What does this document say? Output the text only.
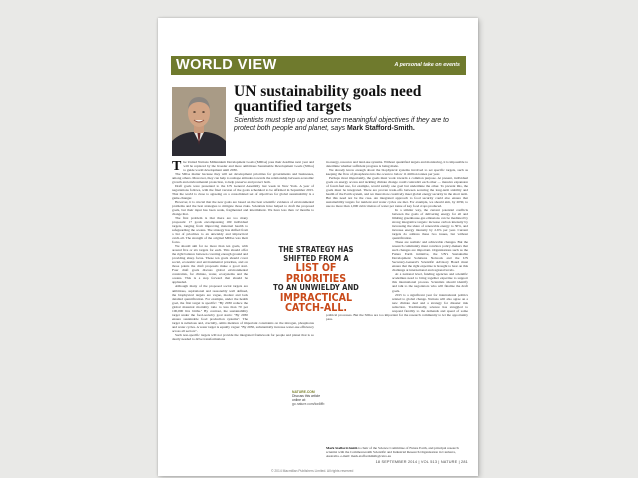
WORLD VIEW	A personal take on events
UN sustainability goals need quantified targets

Scientists must step up and secure meaningful objectives if they are to protect both people and planet, says Mark Stafford-Smith.

The United Nations Millennium Development Goals (MDGs) pass their deadline next year and will be replaced by the broader and more ambitious Sustainable Development Goals (SDGs) to guide world development until 2030.

The SDGs matter because they will set development priorities for governments and businesses, among others. Moreover, they can help to reshape attitudes towards the relationship between economic growth and environmental protection, to help preserve and protect both.

Draft goals were presented to the UN General Assembly last week in New York. A year of negotiations follows, with the final version of the goals scheduled to be affirmed in September 2015. That the world is close to agreeing on a consolidated set of objectives for global sustainability is a game-changer.

However, it is crucial that the new goals are based on the best scientific evidence of environmental problems and the best strategies to mitigate those risks. Scientists have helped to draft the proposed goals, but their input has been weak, fragmented and intermittent. We have less than 12 months to change that.

The first problem is that there are too many proposals: 17 goals encompassing 169 individual targets, ranging from improving maternal health to safeguarding the oceans. The strategy has shifted from a list of priorities to an unwieldy and impractical catch-all. The strength of the original MDGs was their focus.

We should aim for no more than ten goals, with around five or six targets for each. This should offer the right balance between covering enough ground and providing sharp focus. These ten goals should cover social, economic and environmental priorities, and on those points the draft proposals make a good start. Four draft goals discuss global environmental constraints, for climate, water, ecosystems and the oceans. This is a step forward that should be applauded.

Although many of the proposed social targets are ambitious, aspirational and reasonably well defined, the biophysical targets are vague, modest and lack detailed quantification. For example, under the health goal, the first target is specific: "By 2030 reduce the global maternal mortality ratio to less than 70 per 100,000 live births." By contrast, the sustainability target under the food-security goal starts: "By 2030 ensure sustainable food production systems". The target is nebulous and, crucially, omits mention of important constraints on the nitrogen, phosphorus and water cycles. A water target is equally vague: "By 2030, substantially increase water-use efficiency across all sectors".

Such non-specific targets will not provide the integrated framework for people and planet that is so dearly needed to drive transformations

in energy, resource and land-use systems. Without quantified targets and monitoring, it is impossible to determine whether sufficient progress is being made.

We already know enough about the biophysical systems involved to set specific targets, such as keeping the flow of phosphorus into the ocean to below 11 million tonnes per year.

Perhaps most importantly, the goals must work towards a common purpose. At present, individual goals on energy access and tackling climate change could contradict each other — massive expansion of fossil-fuel use, for example, would satisfy one goal but undermine the other. To prevent this, the goals must be integrated. There are proven trade-offs between securing the long-term stability and health of the Earth system, and we must more creatively meet global energy security in the short term. But this need not be the case. An integrated approach to food security could also ensure that sustainability targets for nutrient and water cycles are met. For example, we should aim, by 2030, to use no more than 1,000 cubic metres of water per tonne of key food crops produced.

In a similar way, the current potential conflicts between the goals of delivering energy for all and limiting greenhouse-gas emissions can be mediated by strong integrative targets: increase carbon intensity by increasing the share of renewable energy to 30%, and increase energy intensity by 2.6% per year. Current targets do address these two issues, but without quantification.

These are realistic and achievable changes. But the research community must convince policy-makers that such changes are important. Organizations such as the Future Earth initiative, the UN's Sustainable Development Solutions Network and the UN Secretary-General's Scientific Advisory Board must ensure that the right expertise is brought to bear on this challenge at international and regional levels.

At a national level, funding agencies and scientific academies need to bring together expertise to support this international process. Scientists should identify and talk to the negotiators who will finalize the draft goals.

2015 is a significant year for international politics related to global change. Nations will also agree on a new climate deal and a strategy for disaster risk reduction. Traditionally, science has struggled to respond flexibly to the demands and speed of some political processes. But the SDGs are too important for the research community to let the opportunity pass.

THE STRATEGY HAS
SHIFTED FROM A
LIST OF
PRIORITIES
TO AN UNWIELDY AND
IMPRACTICAL
CATCH-ALL.
NATURE.COM
Discuss this article online at:
go.nature.com/kw6ffb
Mark Stafford-Smith is chair of the Science Committee of Future Earth, and principal research scientist with the Commonwealth Scientific and Industrial Research Organisation in Canberra, Australia. e-mail: mark.staffordsmith@csiro.au
18 SEPTEMBER 2014 | VOL 513 | NATURE | 281
© 2014 Macmillan Publishers Limited. All rights reserved
